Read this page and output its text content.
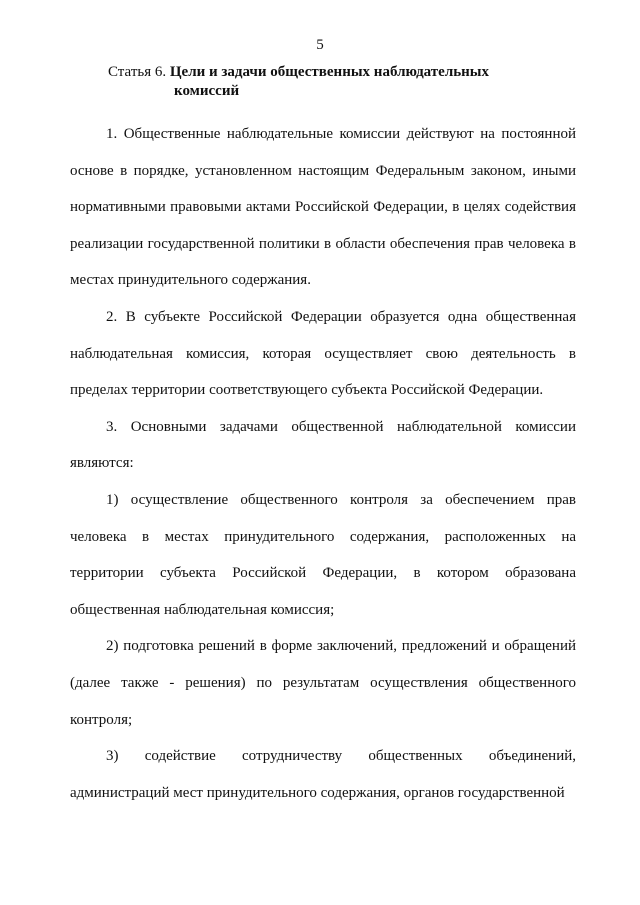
5
Статья 6. Цели и задачи общественных наблюдательных
комиссий

1. Общественные наблюдательные комиссии действуют на постоянной основе в порядке, установленном настоящим Федеральным законом, иными нормативными правовыми актами Российской Федерации, в целях содействия реализации государственной политики в области обеспечения прав человека в местах принудительного содержания.

2. В субъекте Российской Федерации образуется одна общественная наблюдательная комиссия, которая осуществляет свою деятельность в пределах территории соответствующего субъекта Российской Федерации.

3. Основными задачами общественной наблюдательной комиссии являются:

1) осуществление общественного контроля за обеспечением прав человека в местах принудительного содержания, расположенных на территории субъекта Российской Федерации, в котором образована общественная наблюдательная комиссия;

2) подготовка решений в форме заключений, предложений и обращений (далее также - решения) по результатам осуществления общественного контроля;

3) содействие сотрудничеству общественных объединений, администраций мест принудительного содержания, органов государственной
